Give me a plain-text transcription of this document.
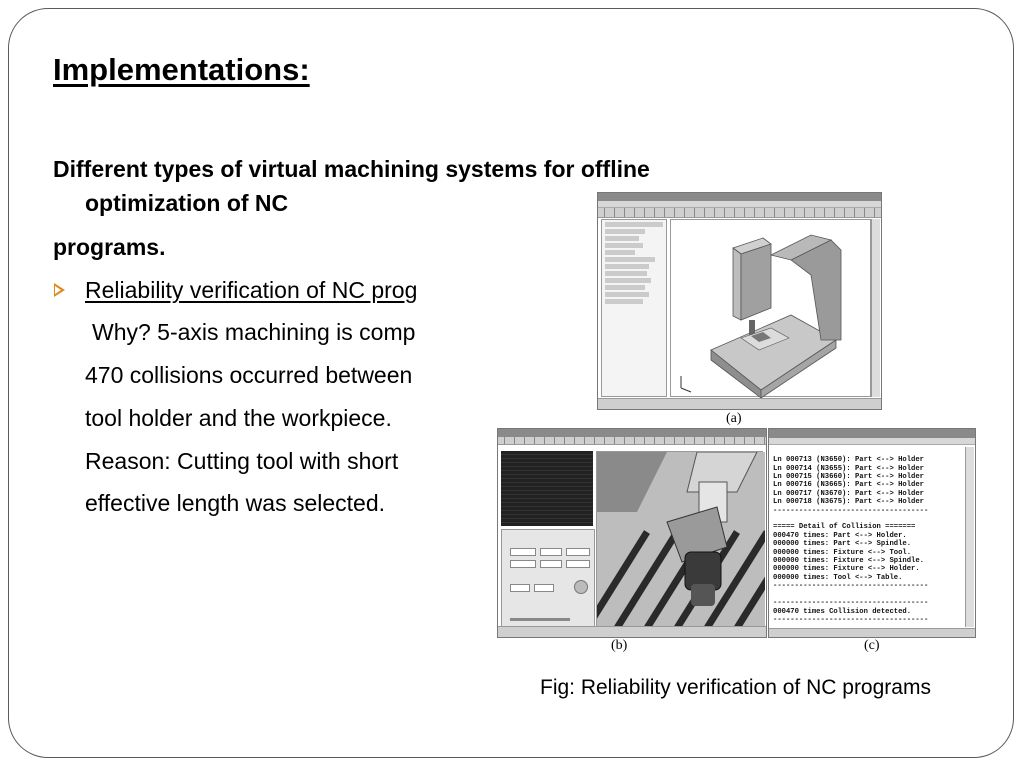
Implementations:
Different types of virtual machining systems for offline
optimization of NC
programs.
Reliability verification of NC prog
Why? 5-axis machining is comp
470 collisions occurred between
tool holder and the workpiece.
Reason: Cutting tool with short
effective length was selected.
(a)
(b)
Ln 000713 (N3650): Part <--> Holder
Ln 000714 (N3655): Part <--> Holder
Ln 000715 (N3660): Part <--> Holder
Ln 000716 (N3665): Part <--> Holder
Ln 000717 (N3670): Part <--> Holder
Ln 000718 (N3675): Part <--> Holder
------------------------------------

===== Detail of Collision =======
000470 times: Part <--> Holder.
000000 times: Part <--> Spindle.
000000 times: Fixture <--> Tool.
000000 times: Fixture <--> Spindle.
000000 times: Fixture <--> Holder.
000000 times: Tool <--> Table.
------------------------------------

------------------------------------
000470 times Collision detected.
------------------------------------
(c)
Fig: Reliability verification of NC programs
